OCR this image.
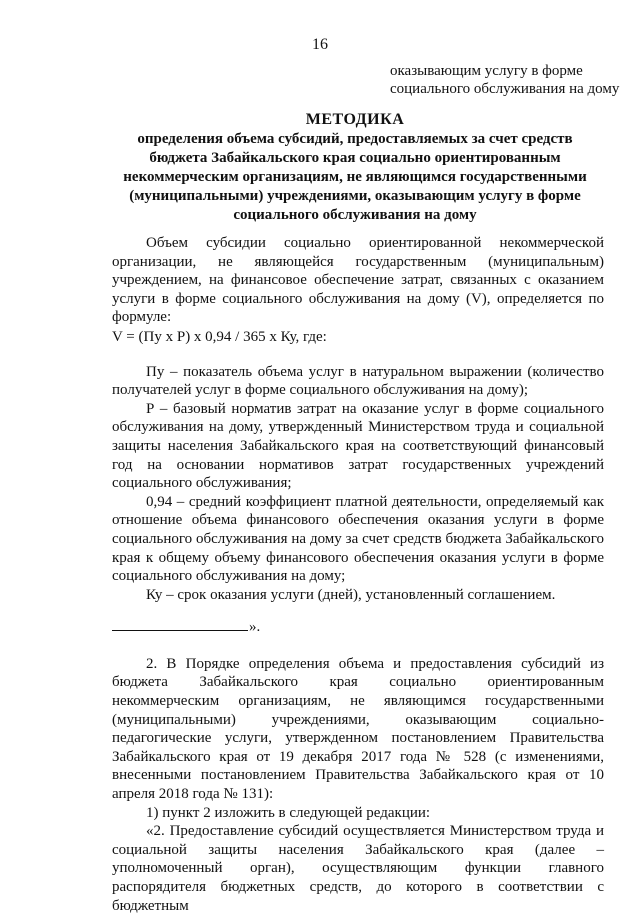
16
оказывающим услугу в форме
социального обслуживания на дому
МЕТОДИКА
определения объема субсидий, предоставляемых за счет средств бюджета Забайкальского края социально ориентированным некоммерческим организациям, не являющимся государственными (муниципальными) учреждениями, оказывающим услугу в форме социального обслуживания на дому

Объем субсидии социально ориентированной некоммерческой организации, не являющейся государственным (муниципальным) учреждением, на финансовое обеспечение затрат, связанных с оказанием услуги в форме социального обслуживания на дому (V), определяется по формуле:

V = (Пу х Р) х 0,94 / 365 х Ку, где:

Пу – показатель объема услуг в натуральном выражении (количество получателей услуг в форме социального обслуживания на дому);

Р – базовый норматив затрат на оказание услуг в форме социального обслуживания на дому, утвержденный Министерством труда и социальной защиты населения Забайкальского края на соответствующий финансовый год на основании нормативов затрат государственных учреждений социального обслуживания;

0,94 – средний коэффициент платной деятельности, определяемый как отношение объема финансового обеспечения оказания услуги в форме социального обслуживания на дому за счет средств бюджета Забайкальского края к общему объему финансового обеспечения оказания услуги в форме социального обслуживания на дому;

Ку – срок оказания услуги (дней), установленный соглашением.

».

2. В Порядке определения объема и предоставления субсидий из бюджета Забайкальского края социально ориентированным некоммерческим организациям, не являющимся государственными (муниципальными) учреждениями, оказывающим социально-педагогические услуги, утвержденном постановлением Правительства Забайкальского края от 19 декабря 2017 года № 528 (с изменениями, внесенными постановлением Правительства Забайкальского края от 10 апреля 2018 года № 131):

1) пункт 2 изложить в следующей редакции:

«2. Предоставление субсидий осуществляется Министерством труда и социальной защиты населения Забайкальского края (далее – уполномоченный орган), осуществляющим функции главного распорядителя бюджетных средств, до которого в соответствии с бюджетным
